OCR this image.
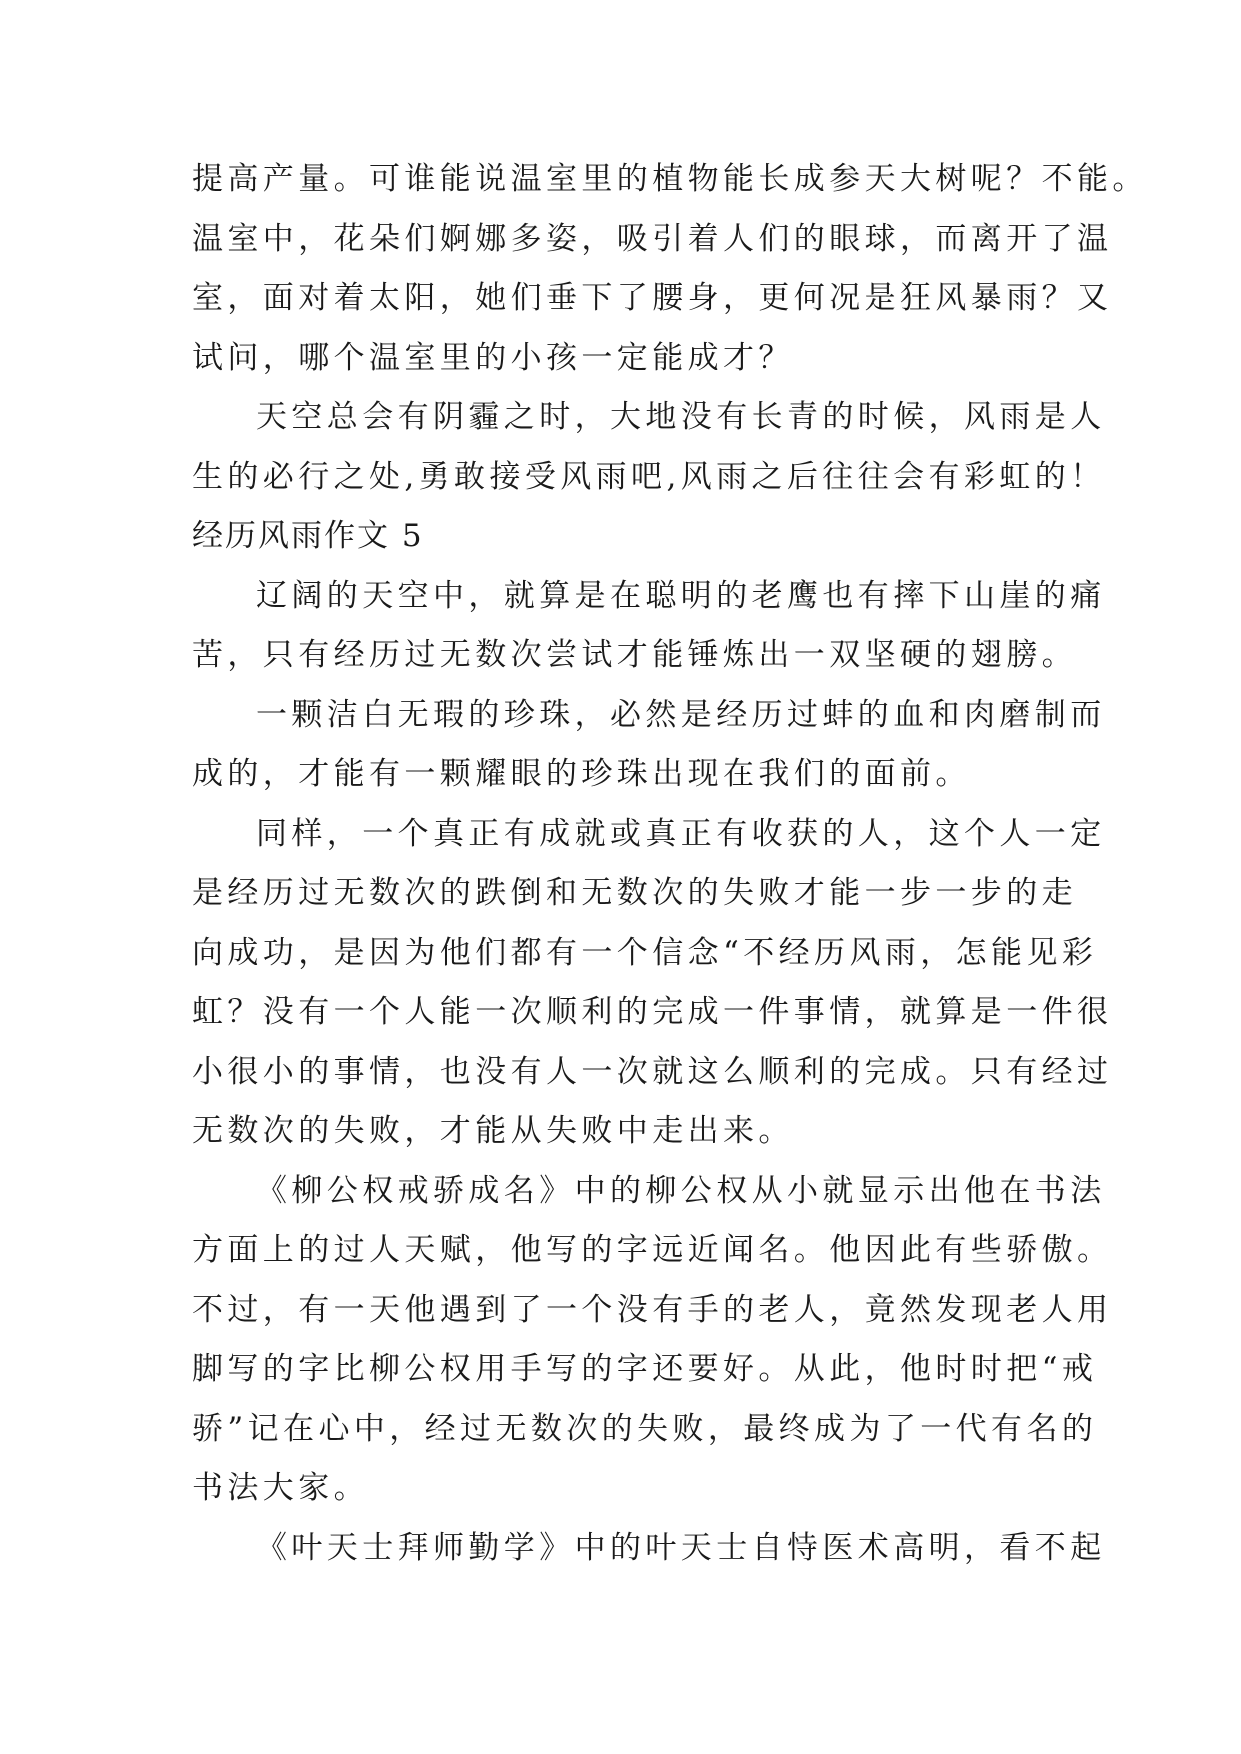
提高产量。可谁能说温室里的植物能长成参天大树呢？不能。
温室中，花朵们婀娜多姿，吸引着人们的眼球，而离开了温
室，面对着太阳，她们垂下了腰身，更何况是狂风暴雨？又
试问，哪个温室里的小孩一定能成才？
天空总会有阴霾之时，大地没有长青的时候，风雨是人
生的必行之处,勇敢接受风雨吧,风雨之后往往会有彩虹的！
经历风雨作文 5
辽阔的天空中，就算是在聪明的老鹰也有摔下山崖的痛
苦，只有经历过无数次尝试才能锤炼出一双坚硬的翅膀。
一颗洁白无瑕的珍珠，必然是经历过蚌的血和肉磨制而
成的，才能有一颗耀眼的珍珠出现在我们的面前。
同样，一个真正有成就或真正有收获的人，这个人一定
是经历过无数次的跌倒和无数次的失败才能一步一步的走
向成功，是因为他们都有一个信念“不经历风雨，怎能见彩
虹？没有一个人能一次顺利的完成一件事情，就算是一件很
小很小的事情，也没有人一次就这么顺利的完成。只有经过
无数次的失败，才能从失败中走出来。
《柳公权戒骄成名》中的柳公权从小就显示出他在书法
方面上的过人天赋，他写的字远近闻名。他因此有些骄傲。
不过，有一天他遇到了一个没有手的老人，竟然发现老人用
脚写的字比柳公权用手写的字还要好。从此，他时时把“戒
骄”记在心中，经过无数次的失败，最终成为了一代有名的
书法大家。
《叶天士拜师勤学》中的叶天士自恃医术高明，看不起
